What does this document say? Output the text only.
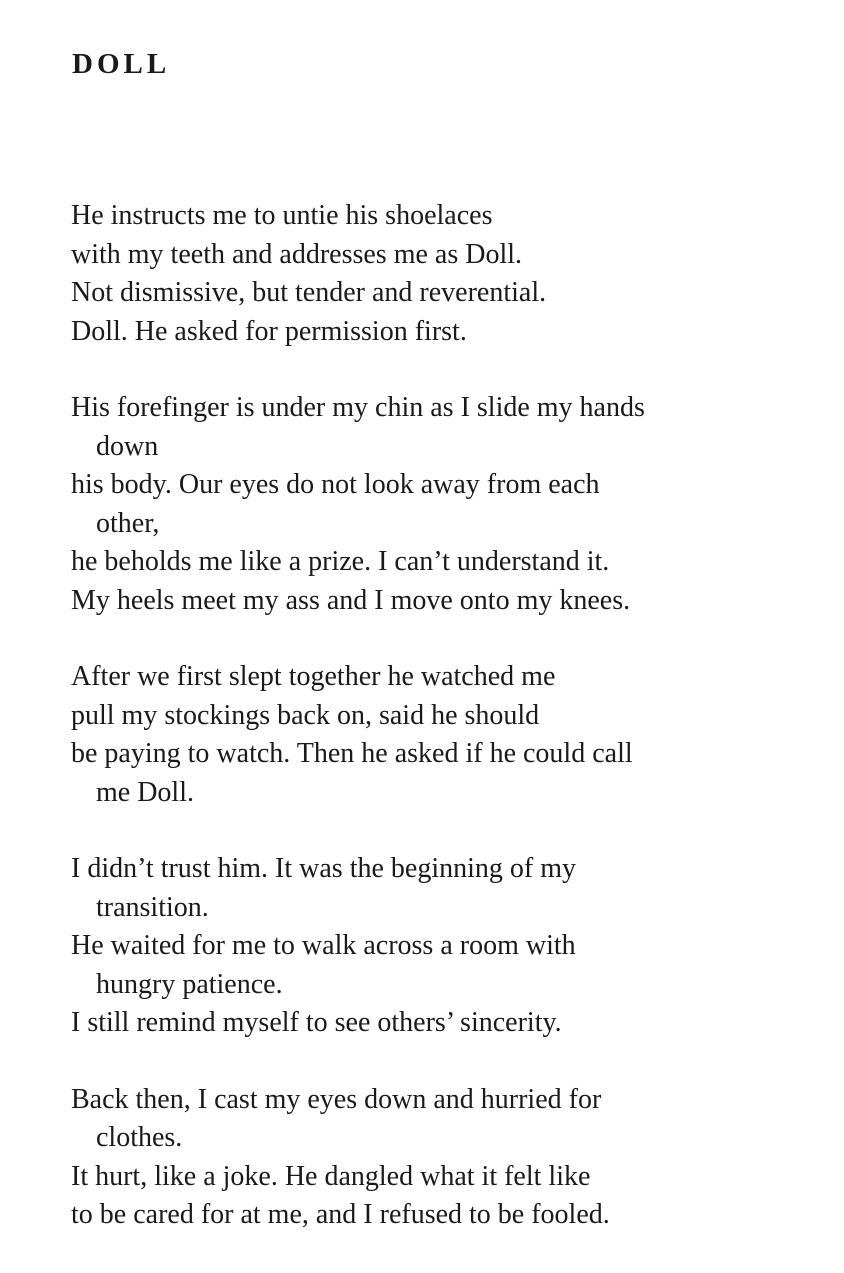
DOLL
He instructs me to untie his shoelaces
with my teeth and addresses me as Doll.
Not dismissive, but tender and reverential.
Doll. He asked for permission first.
His forefinger is under my chin as I slide my hands
down
his body. Our eyes do not look away from each
other,
he beholds me like a prize. I can’t understand it.
My heels meet my ass and I move onto my knees.
After we first slept together he watched me
pull my stockings back on, said he should
be paying to watch. Then he asked if he could call
me Doll.
I didn’t trust him. It was the beginning of my
transition.
He waited for me to walk across a room with
hungry patience.
I still remind myself to see others’ sincerity.
Back then, I cast my eyes down and hurried for
clothes.
It hurt, like a joke. He dangled what it felt like
to be cared for at me, and I refused to be fooled.
